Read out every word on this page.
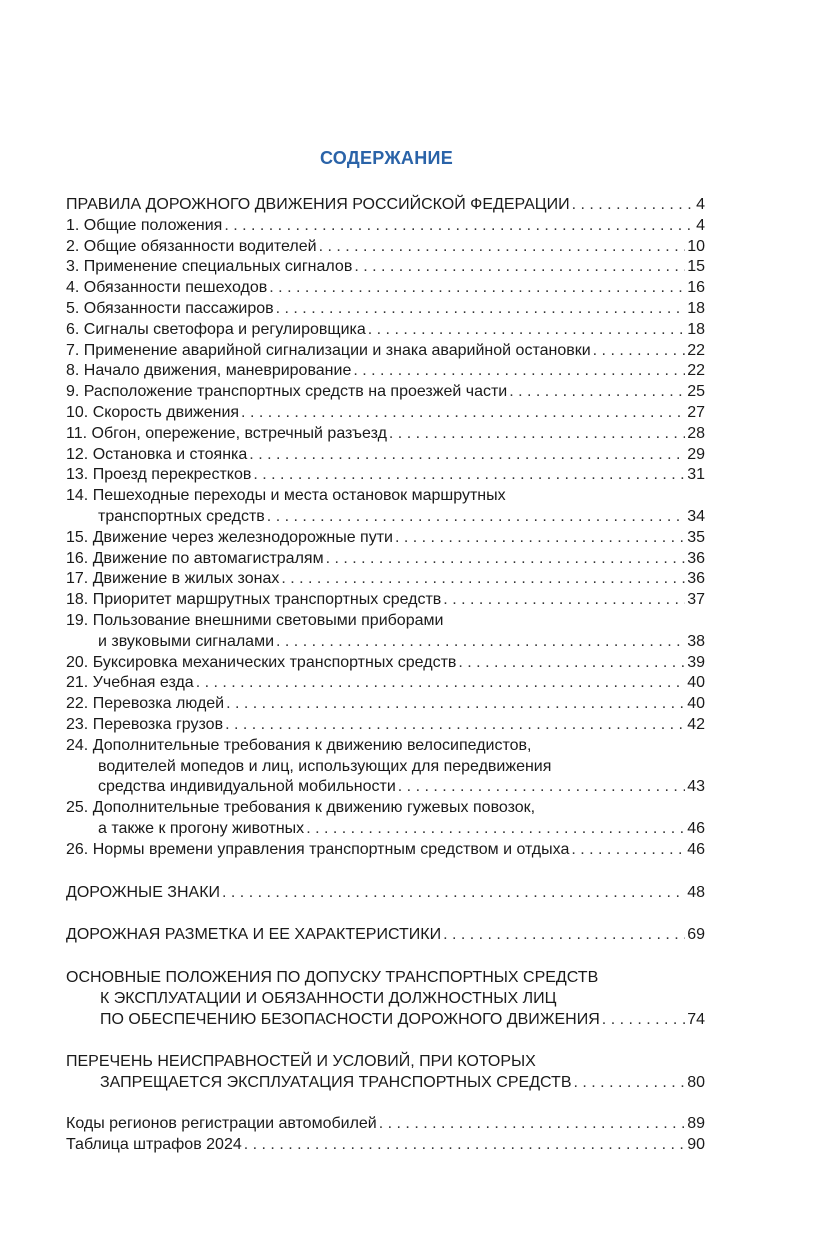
СОДЕРЖАНИЕ
ПРАВИЛА ДОРОЖНОГО ДВИЖЕНИЯ РОССИЙСКОЙ ФЕДЕРАЦИИ . . .	4
1. Общие положения . . .	4
2. Общие обязанности водителей . . .	10
3. Применение специальных сигналов . . .	15
4. Обязанности пешеходов . . .	16
5. Обязанности пассажиров . . .	18
6. Сигналы светофора и регулировщика . . .	18
7. Применение аварийной сигнализации и знака аварийной остановки . . .	22
8. Начало движения, маневрирование . . .	22
9. Расположение транспортных средств на проезжей части . . .	25
10. Скорость движения . . .	27
11. Обгон, опережение, встречный разъезд . . .	28
12. Остановка и стоянка . . .	29
13. Проезд перекрестков . . .	31
14. Пешеходные переходы и места остановок маршрутных
транспортных средств . . .	34
15. Движение через железнодорожные пути . . .	35
16. Движение по автомагистралям . . .	36
17. Движение в жилых зонах . . .	36
18. Приоритет маршрутных транспортных средств . . .	37
19. Пользование внешними световыми приборами
и звуковыми сигналами . . .	38
20. Буксировка механических транспортных средств . . .	39
21. Учебная езда . . .	40
22. Перевозка людей . . .	40
23. Перевозка грузов . . .	42
24. Дополнительные требования к движению велосипедистов,
водителей мопедов и лиц, использующих для передвижения
средства индивидуальной мобильности . . .	43
25. Дополнительные требования к движению гужевых повозок,
а также к прогону животных . . .	46
26. Нормы времени управления транспортным средством и отдыха . . .	46
ДОРОЖНЫЕ ЗНАКИ . . .	48
ДОРОЖНАЯ РАЗМЕТКА И ЕЕ ХАРАКТЕРИСТИКИ . . .	69
ОСНОВНЫЕ ПОЛОЖЕНИЯ ПО ДОПУСКУ ТРАНСПОРТНЫХ СРЕДСТВ
К ЭКСПЛУАТАЦИИ И ОБЯЗАННОСТИ ДОЛЖНОСТНЫХ ЛИЦ
ПО ОБЕСПЕЧЕНИЮ БЕЗОПАСНОСТИ ДОРОЖНОГО ДВИЖЕНИЯ . . .	74
ПЕРЕЧЕНЬ НЕИСПРАВНОСТЕЙ И УСЛОВИЙ, ПРИ КОТОРЫХ
ЗАПРЕЩАЕТСЯ ЭКСПЛУАТАЦИЯ ТРАНСПОРТНЫХ СРЕДСТВ . . .	80
Коды регионов регистрации автомобилей . . .	89
Таблица штрафов 2024 . . .	90
